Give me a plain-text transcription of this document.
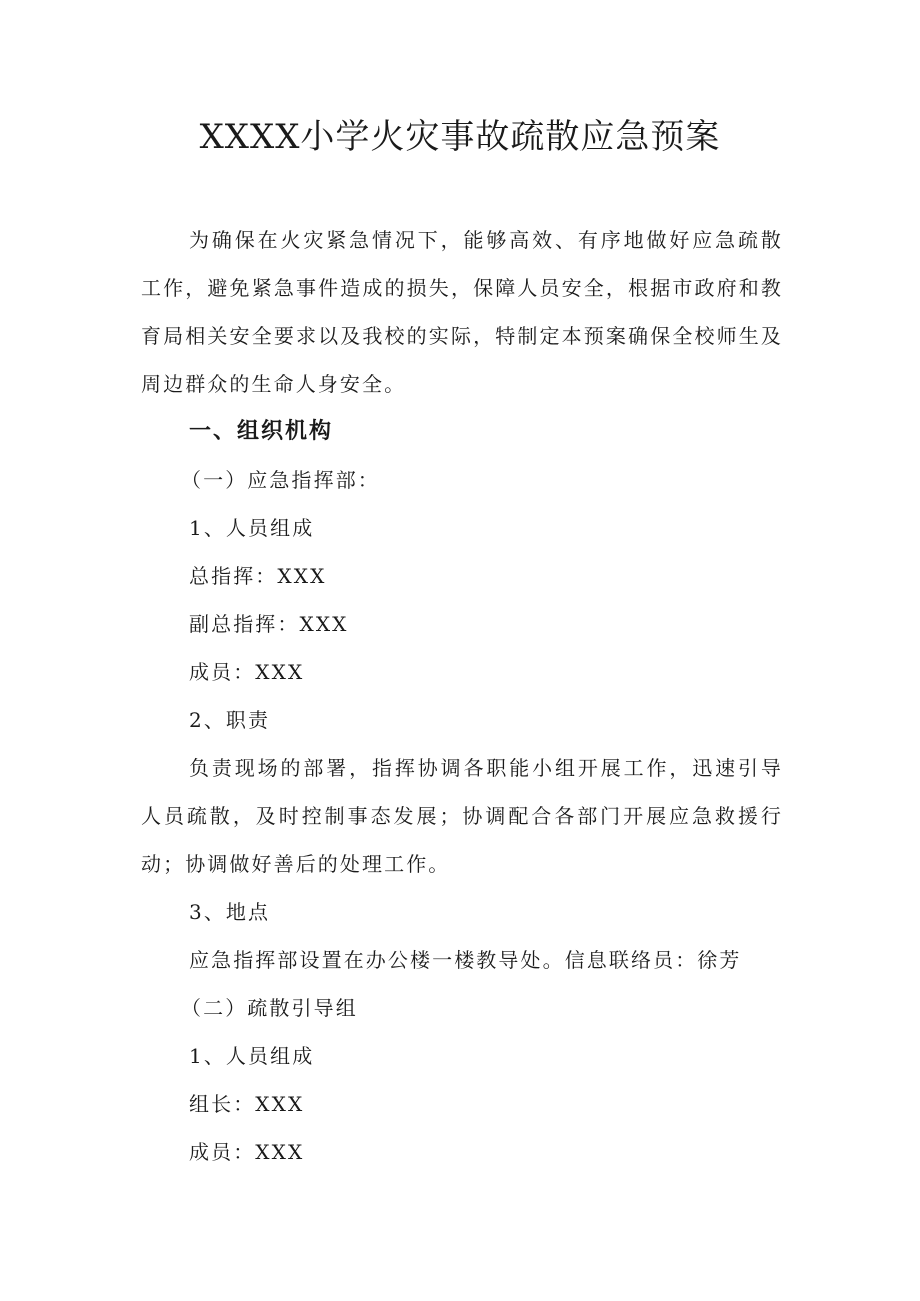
XXXX小学火灾事故疏散应急预案

为确保在火灾紧急情况下，能够高效、有序地做好应急疏散工作，避免紧急事件造成的损失，保障人员安全，根据市政府和教育局相关安全要求以及我校的实际，特制定本预案确保全校师生及周边群众的生命人身安全。

一、组织机构

（一）应急指挥部：

1、人员组成

总指挥：XXX

副总指挥：XXX

成员：XXX

2、职责

负责现场的部署，指挥协调各职能小组开展工作，迅速引导人员疏散，及时控制事态发展；协调配合各部门开展应急救援行动；协调做好善后的处理工作。

3、地点

应急指挥部设置在办公楼一楼教导处。信息联络员：徐芳

（二）疏散引导组

1、人员组成

组长：XXX

成员：XXX
